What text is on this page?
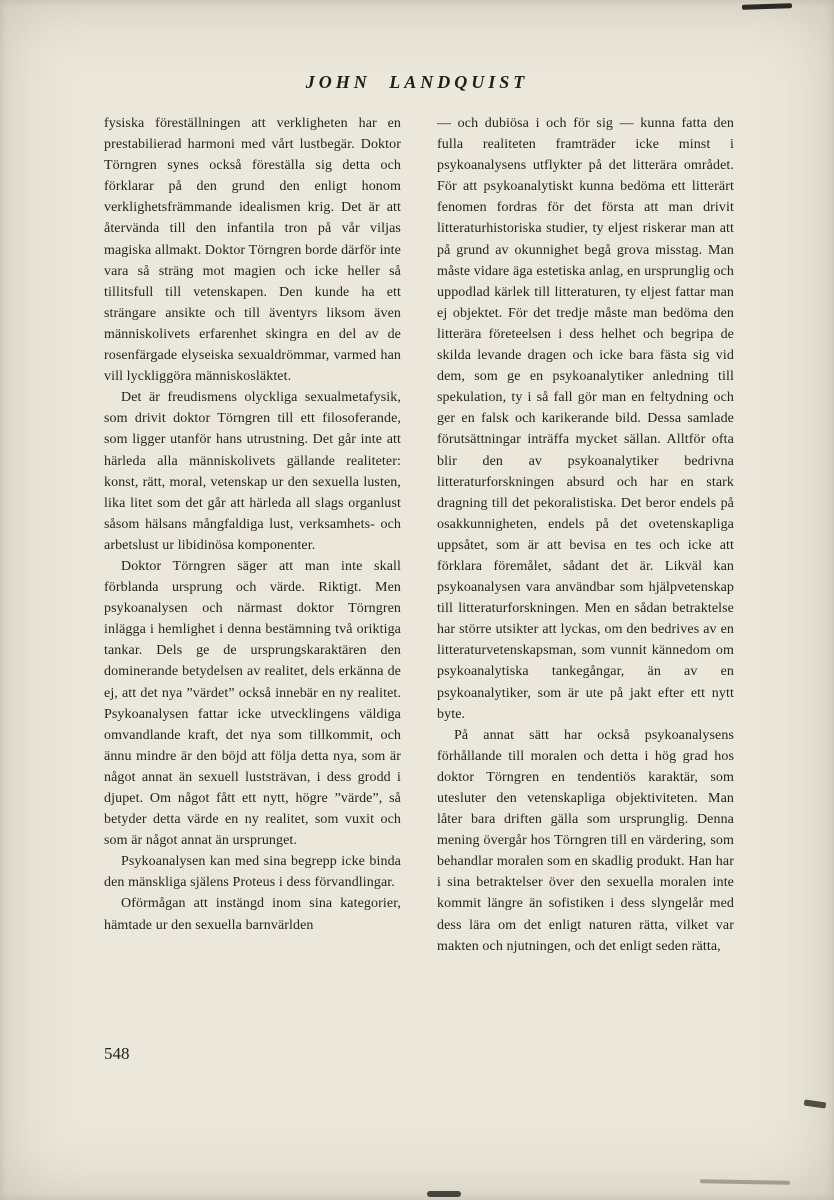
JOHN LANDQUIST

fysiska föreställningen att verkligheten har en prestabilierad harmoni med vårt lustbegär. Doktor Törngren synes också föreställa sig detta och förklarar på den grund den enligt honom verklighetsfrämmande idealismen krig. Det är att återvända till den infantila tron på vår viljas magiska allmakt. Doktor Törngren borde därför inte vara så sträng mot magien och icke heller så tillitsfull till vetenskapen. Den kunde ha ett strängare ansikte och till äventyrs liksom även människolivets erfarenhet skingra en del av de rosenfärgade elyseiska sexualdrömmar, varmed han vill lyckliggöra människosläktet.

Det är freudismens olyckliga sexualmetafysik, som drivit doktor Törngren till ett filosoferande, som ligger utanför hans utrustning. Det går inte att härleda alla människolivets gällande realiteter: konst, rätt, moral, vetenskap ur den sexuella lusten, lika litet som det går att härleda all slags organlust såsom hälsans mångfaldiga lust, verksamhets- och arbetslust ur libidinösa komponenter.

Doktor Törngren säger att man inte skall förblanda ursprung och värde. Riktigt. Men psykoanalysen och närmast doktor Törngren inlägga i hemlighet i denna bestämning två oriktiga tankar. Dels ge de ursprungskaraktären den dominerande betydelsen av realitet, dels erkänna de ej, att det nya ”värdet” också innebär en ny realitet. Psykoanalysen fattar icke utvecklingens väldiga omvandlande kraft, det nya som tillkommit, och ännu mindre är den böjd att följa detta nya, som är något annat än sexuell luststrävan, i dess grodd i djupet. Om något fått ett nytt, högre ”värde”, så betyder detta värde en ny realitet, som vuxit och som är något annat än ursprunget.

Psykoanalysen kan med sina begrepp icke binda den mänskliga själens Proteus i dess förvandlingar.

Oförmågan att instängd inom sina kategorier, hämtade ur den sexuella barnvärlden

— och dubiösa i och för sig — kunna fatta den fulla realiteten framträder icke minst i psykoanalysens utflykter på det litterära området. För att psykoanalytiskt kunna bedöma ett litterärt fenomen fordras för det första att man drivit litteraturhistoriska studier, ty eljest riskerar man att på grund av okunnighet begå grova misstag. Man måste vidare äga estetiska anlag, en ursprunglig och uppodlad kärlek till litteraturen, ty eljest fattar man ej objektet. För det tredje måste man bedöma den litterära företeelsen i dess helhet och begripa de skilda levande dragen och icke bara fästa sig vid dem, som ge en psykoanalytiker anledning till spekulation, ty i så fall gör man en feltydning och ger en falsk och karikerande bild. Dessa samlade förutsättningar inträffa mycket sällan. Alltför ofta blir den av psykoanalytiker bedrivna litteraturforskningen absurd och har en stark dragning till det pekoralistiska. Det beror endels på osakkunnigheten, endels på det ovetenskapliga uppsåtet, som är att bevisa en tes och icke att förklara föremålet, sådant det är. Likväl kan psykoanalysen vara användbar som hjälpvetenskap till litteraturforskningen. Men en sådan betraktelse har större utsikter att lyckas, om den bedrives av en litteraturvetenskapsman, som vunnit kännedom om psykoanalytiska tankegångar, än av en psykoanalytiker, som är ute på jakt efter ett nytt byte.

På annat sätt har också psykoanalysens förhållande till moralen och detta i hög grad hos doktor Törngren en tendentiös karaktär, som utesluter den vetenskapliga objektiviteten. Man låter bara driften gälla som ursprunglig. Denna mening övergår hos Törngren till en värdering, som behandlar moralen som en skadlig produkt. Han har i sina betraktelser över den sexuella moralen inte kommit längre än sofistiken i dess slyngelår med dess lära om det enligt naturen rätta, vilket var makten och njutningen, och det enligt seden rätta,

548
